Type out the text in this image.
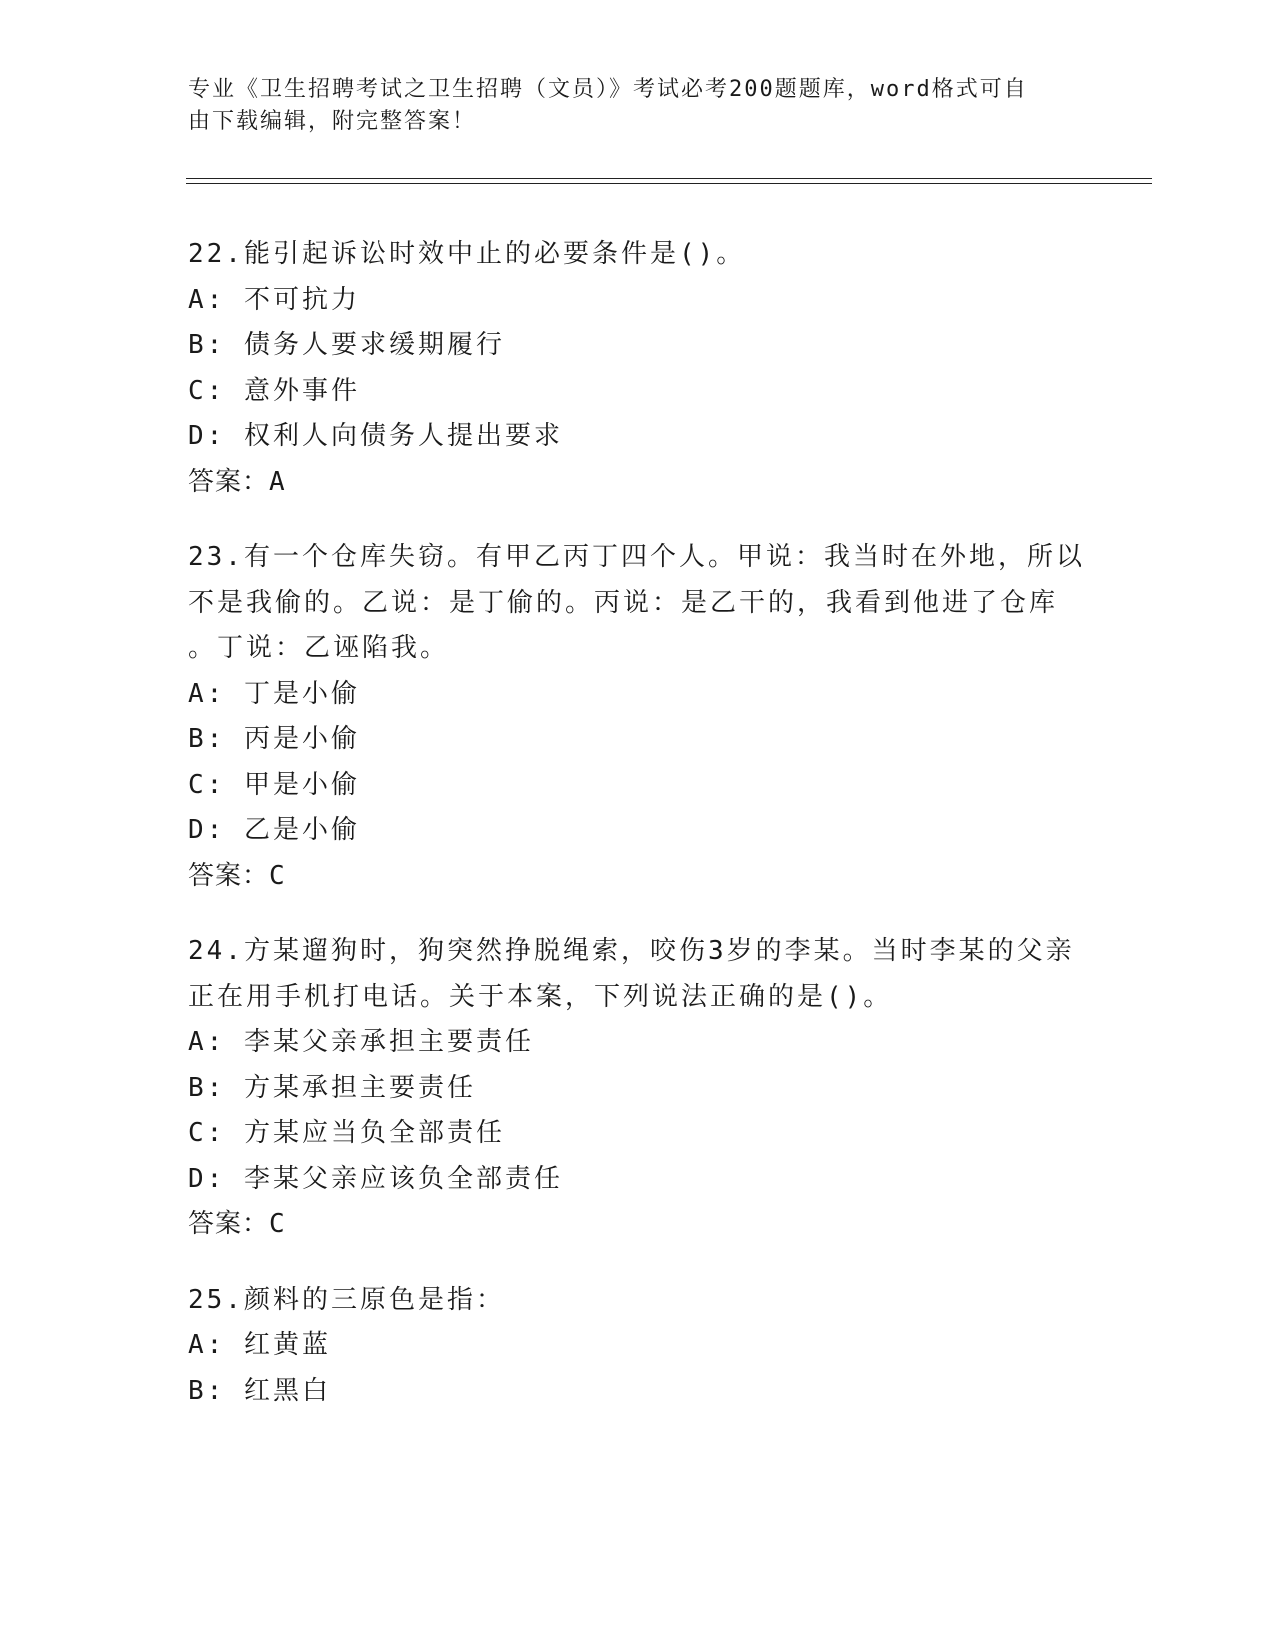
专业《卫生招聘考试之卫生招聘（文员）》考试必考200题题库，word格式可自
由下载编辑，附完整答案！

22.能引起诉讼时效中止的必要条件是()。

A: 不可抗力

B: 债务人要求缓期履行

C: 意外事件

D: 权利人向债务人提出要求

答案：A

23.有一个仓库失窃。有甲乙丙丁四个人。甲说：我当时在外地，所以

不是我偷的。乙说：是丁偷的。丙说：是乙干的，我看到他进了仓库

。丁说：乙诬陷我。

A: 丁是小偷

B: 丙是小偷

C: 甲是小偷

D: 乙是小偷

答案：C

24.方某遛狗时，狗突然挣脱绳索，咬伤3岁的李某。当时李某的父亲

正在用手机打电话。关于本案，下列说法正确的是()。

A: 李某父亲承担主要责任

B: 方某承担主要责任

C: 方某应当负全部责任

D: 李某父亲应该负全部责任

答案：C

25.颜料的三原色是指：

A: 红黄蓝

B: 红黑白
